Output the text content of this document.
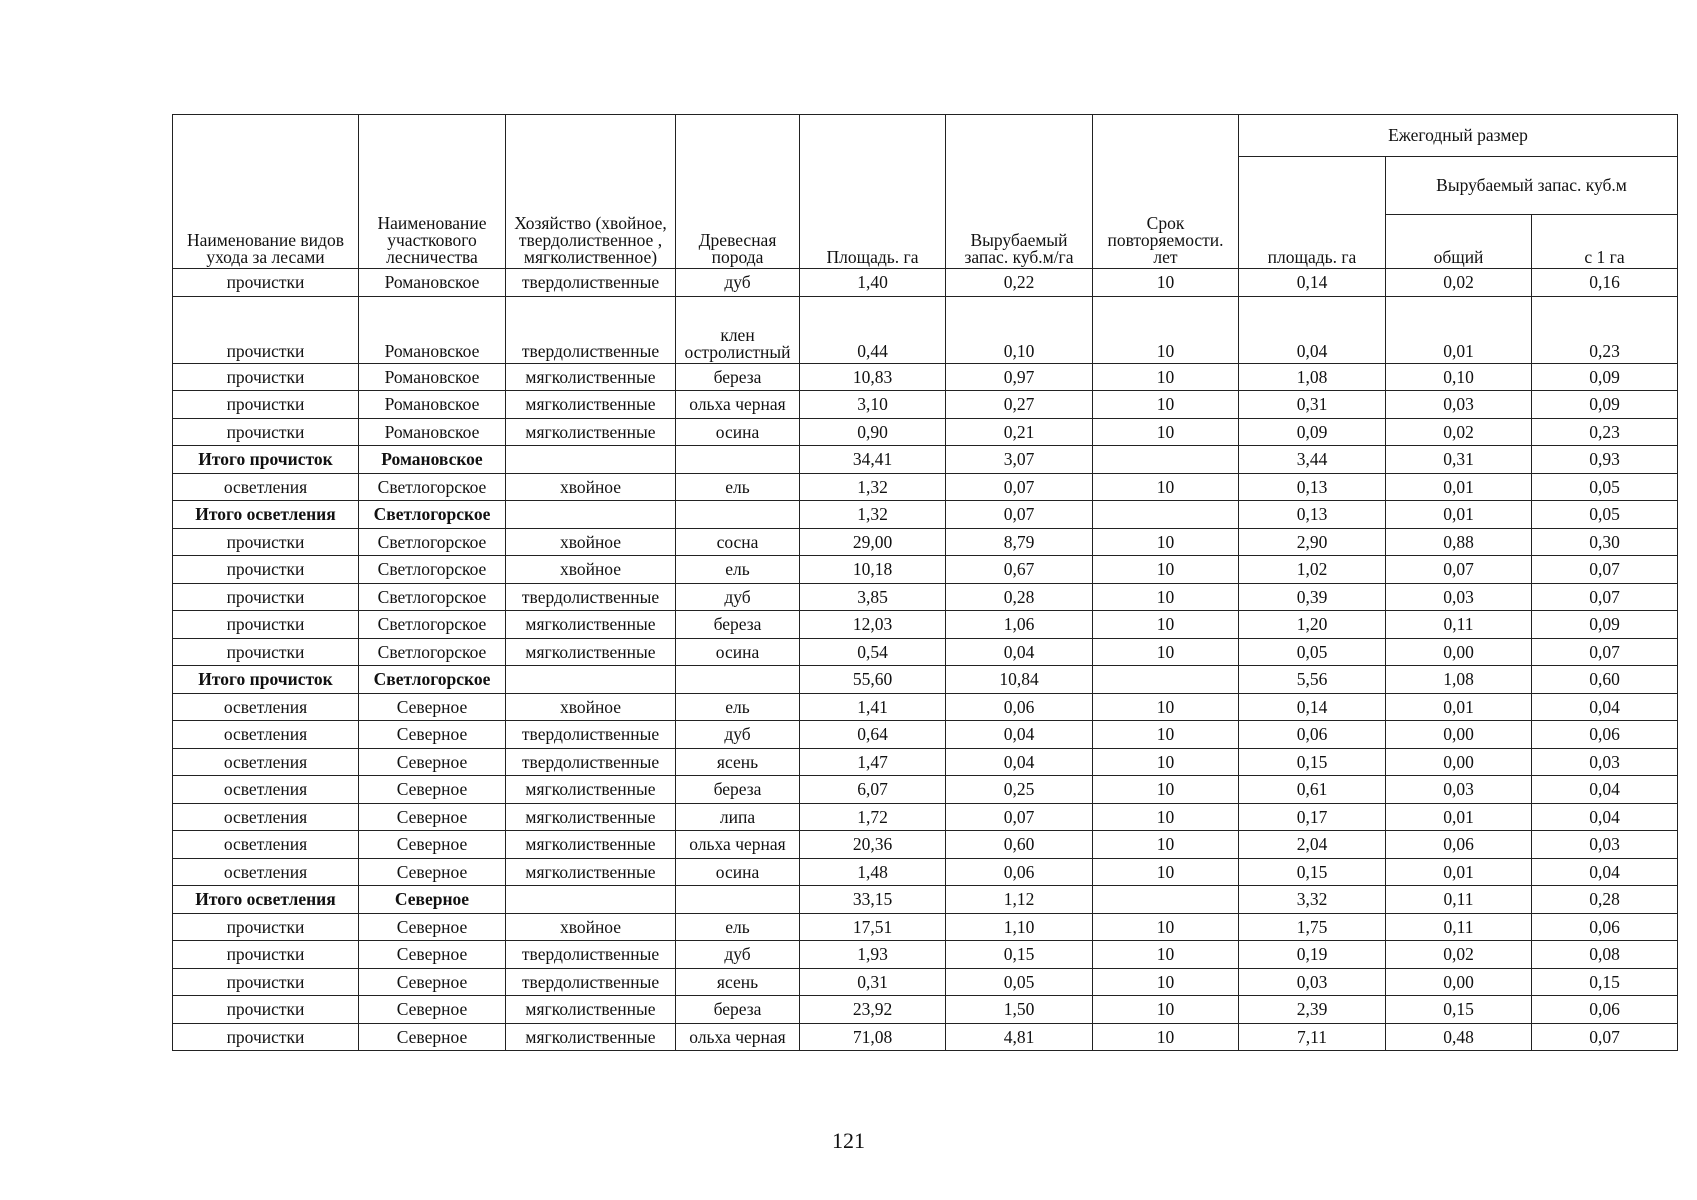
Наименование видов ухода за лесами	Наименование участкового лесничества	Хозяйство (хвойное, твердолиственное , мягколиственное)	Древесная порода	Площадь. га	Вырубаемый запас. куб.м/га	Срок повторяемости. лет	Ежегодный размер		
							площадь. га	Вырубаемый запас. куб.м	
								общий	с 1 га
прочистки	Романовское	твердолиственные	дуб	1,40	0,22	10	0,14	0,02	0,16
прочистки	Романовское	твердолиственные	клен остролистный	0,44	0,10	10	0,04	0,01	0,23
прочистки	Романовское	мягколиственные	береза	10,83	0,97	10	1,08	0,10	0,09
прочистки	Романовское	мягколиственные	ольха черная	3,10	0,27	10	0,31	0,03	0,09
прочистки	Романовское	мягколиственные	осина	0,90	0,21	10	0,09	0,02	0,23
Итого прочисток	Романовское			34,41	3,07		3,44	0,31	0,93
осветления	Светлогорское	хвойное	ель	1,32	0,07	10	0,13	0,01	0,05
Итого осветления	Светлогорское			1,32	0,07		0,13	0,01	0,05
прочистки	Светлогорское	хвойное	сосна	29,00	8,79	10	2,90	0,88	0,30
прочистки	Светлогорское	хвойное	ель	10,18	0,67	10	1,02	0,07	0,07
прочистки	Светлогорское	твердолиственные	дуб	3,85	0,28	10	0,39	0,03	0,07
прочистки	Светлогорское	мягколиственные	береза	12,03	1,06	10	1,20	0,11	0,09
прочистки	Светлогорское	мягколиственные	осина	0,54	0,04	10	0,05	0,00	0,07
Итого прочисток	Светлогорское			55,60	10,84		5,56	1,08	0,60
осветления	Северное	хвойное	ель	1,41	0,06	10	0,14	0,01	0,04
осветления	Северное	твердолиственные	дуб	0,64	0,04	10	0,06	0,00	0,06
осветления	Северное	твердолиственные	ясень	1,47	0,04	10	0,15	0,00	0,03
осветления	Северное	мягколиственные	береза	6,07	0,25	10	0,61	0,03	0,04
осветления	Северное	мягколиственные	липа	1,72	0,07	10	0,17	0,01	0,04
осветления	Северное	мягколиственные	ольха черная	20,36	0,60	10	2,04	0,06	0,03
осветления	Северное	мягколиственные	осина	1,48	0,06	10	0,15	0,01	0,04
Итого осветления	Северное			33,15	1,12		3,32	0,11	0,28
прочистки	Северное	хвойное	ель	17,51	1,10	10	1,75	0,11	0,06
прочистки	Северное	твердолиственные	дуб	1,93	0,15	10	0,19	0,02	0,08
прочистки	Северное	твердолиственные	ясень	0,31	0,05	10	0,03	0,00	0,15
прочистки	Северное	мягколиственные	береза	23,92	1,50	10	2,39	0,15	0,06
прочистки	Северное	мягколиственные	ольха черная	71,08	4,81	10	7,11	0,48	0,07
121
